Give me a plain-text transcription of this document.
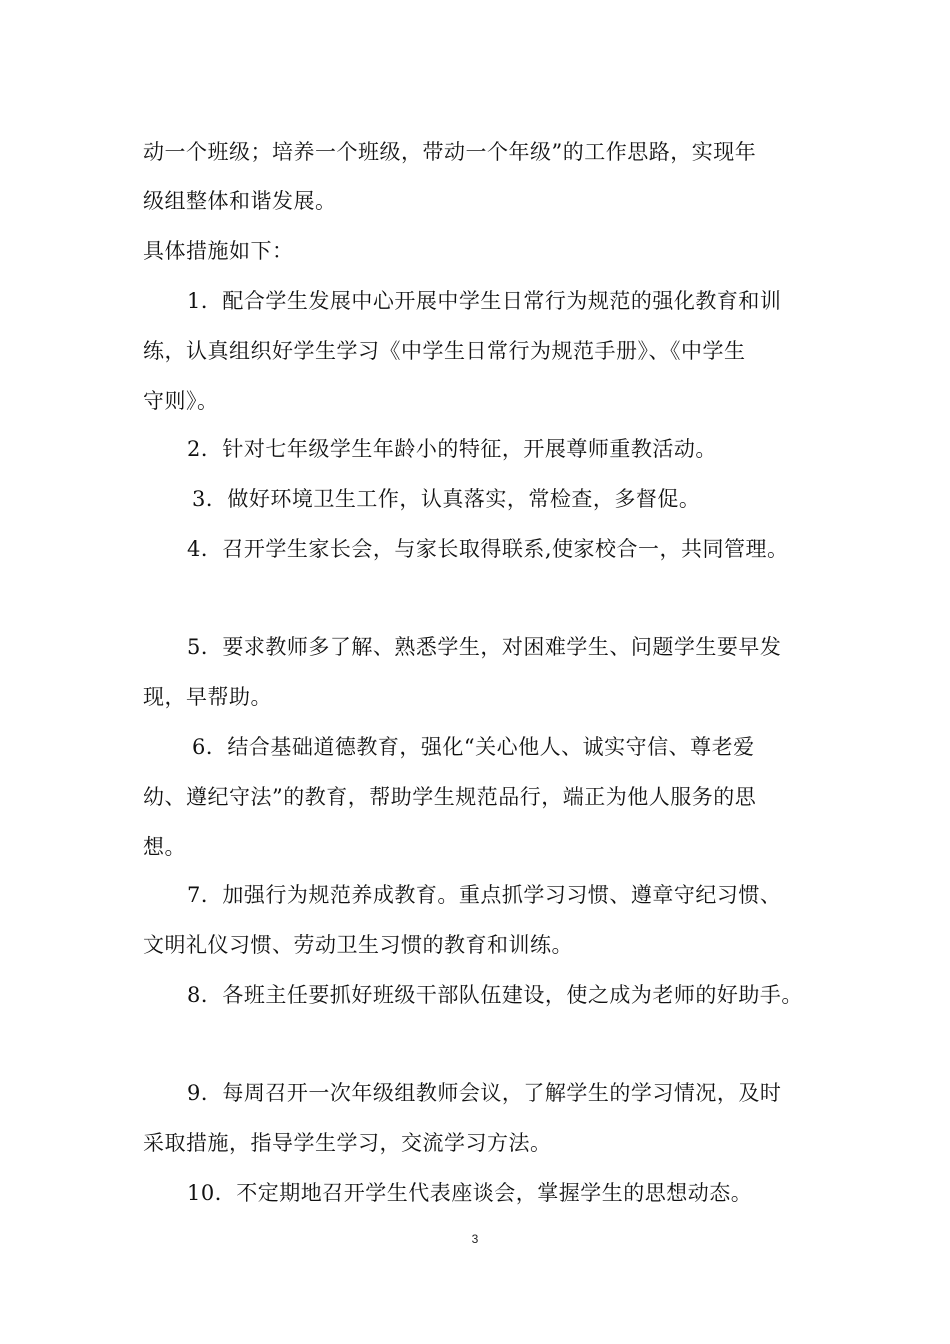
动一个班级；培养一个班级，带动一个年级”的工作思路，实现年
级组整体和谐发展。
具体措施如下：
1．配合学生发展中心开展中学生日常行为规范的强化教育和训
练，认真组织好学生学习《中学生日常行为规范手册》、《中学生
守则》。
2．针对七年级学生年龄小的特征，开展尊师重教活动。
3．做好环境卫生工作，认真落实，常检查，多督促。
4．召开学生家长会，与家长取得联系,使家校合一，共同管理。
5．要求教师多了解、熟悉学生，对困难学生、问题学生要早发
现，早帮助。
6．结合基础道德教育，强化“关心他人、诚实守信、尊老爱
幼、遵纪守法”的教育，帮助学生规范品行，端正为他人服务的思
想。
7．加强行为规范养成教育。重点抓学习习惯、遵章守纪习惯、
文明礼仪习惯、劳动卫生习惯的教育和训练。
8．各班主任要抓好班级干部队伍建设，使之成为老师的好助手。
9．每周召开一次年级组教师会议，了解学生的学习情况，及时
采取措施，指导学生学习，交流学习方法。
10．不定期地召开学生代表座谈会，掌握学生的思想动态。
3
